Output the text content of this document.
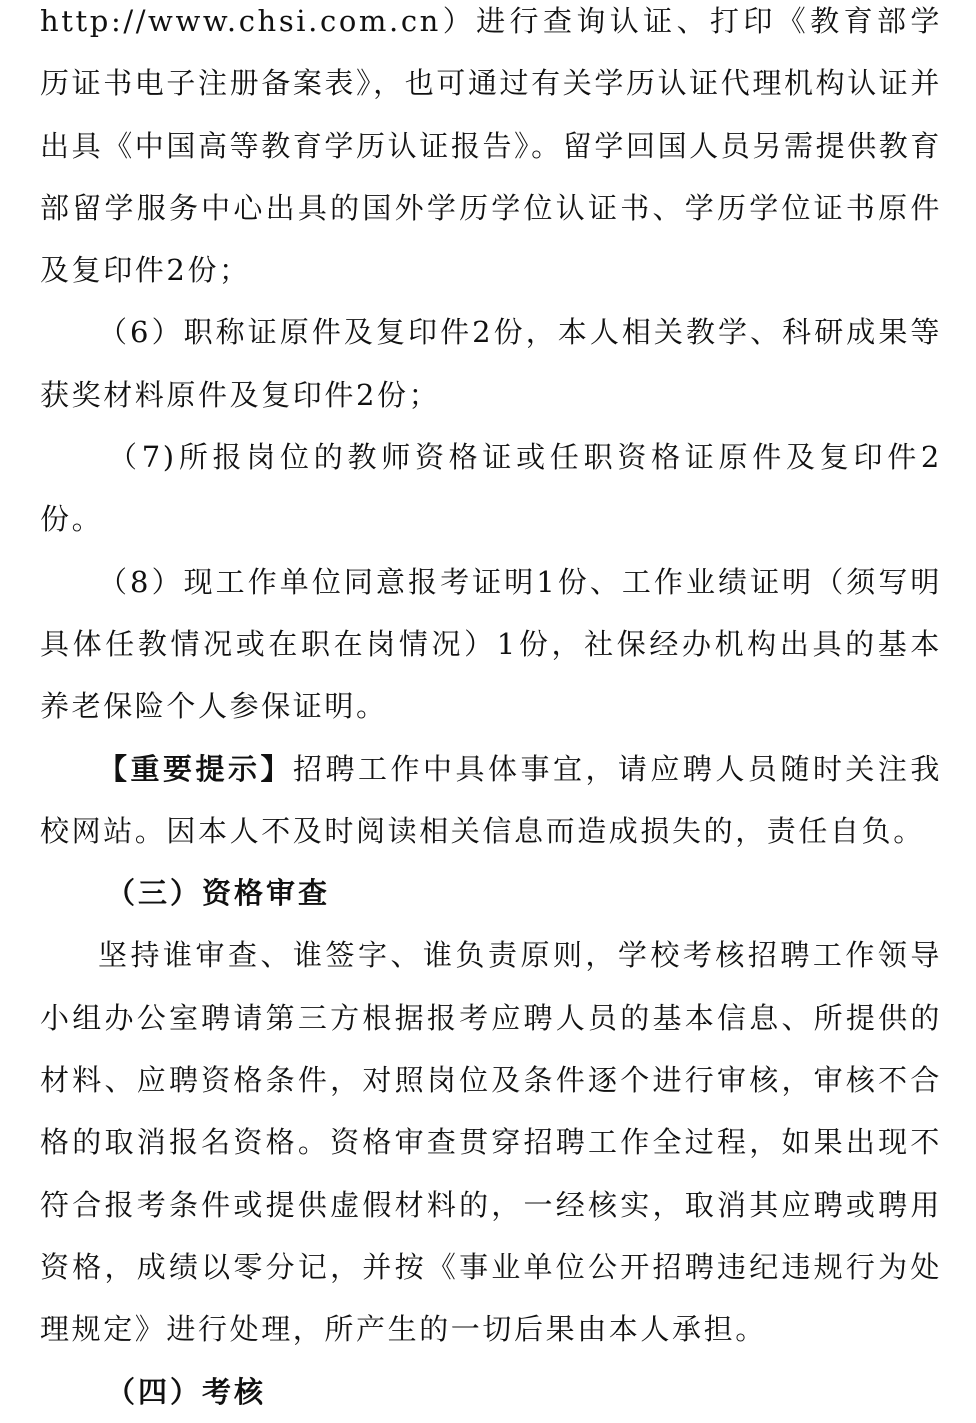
http://www.chsi.com.cn）进行查询认证、打印《教育部学历证书电子注册备案表》，也可通过有关学历认证代理机构认证并出具《中国高等教育学历认证报告》。留学回国人员另需提供教育部留学服务中心出具的国外学历学位认证书、学历学位证书原件及复印件2份；

（6）职称证原件及复印件2份，本人相关教学、科研成果等获奖材料原件及复印件2份；

（7)所报岗位的教师资格证或任职资格证原件及复印件2份。

（8）现工作单位同意报考证明1份、工作业绩证明（须写明具体任教情况或在职在岗情况）1份，社保经办机构出具的基本养老保险个人参保证明。

【重要提示】招聘工作中具体事宜，请应聘人员随时关注我校网站。因本人不及时阅读相关信息而造成损失的，责任自负。

（三）资格审查

坚持谁审查、谁签字、谁负责原则，学校考核招聘工作领导小组办公室聘请第三方根据报考应聘人员的基本信息、所提供的材料、应聘资格条件，对照岗位及条件逐个进行审核，审核不合格的取消报名资格。资格审查贯穿招聘工作全过程，如果出现不符合报考条件或提供虚假材料的，一经核实，取消其应聘或聘用资格，成绩以零分记，并按《事业单位公开招聘违纪违规行为处理规定》进行处理，所产生的一切后果由本人承担。

（四）考核
